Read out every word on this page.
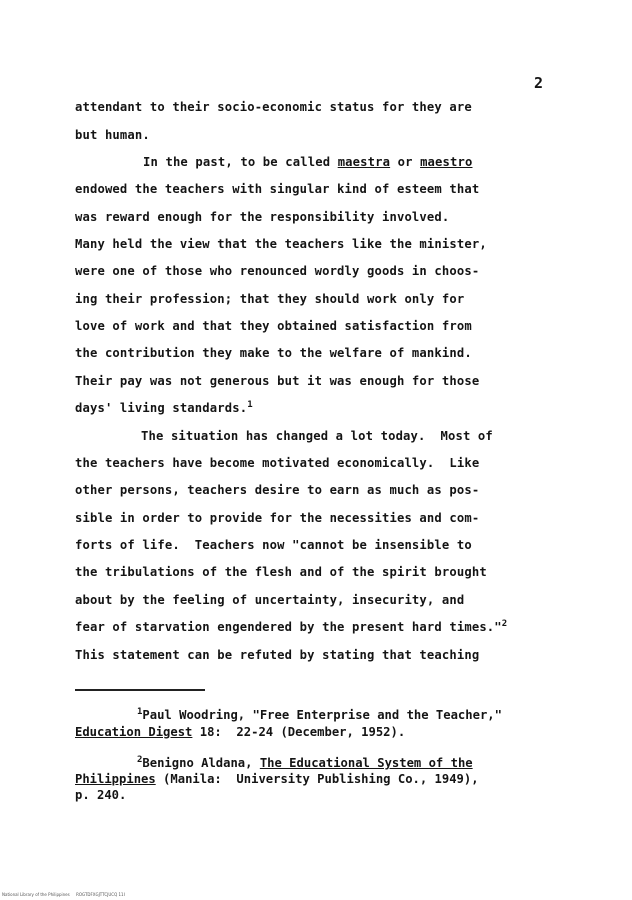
2
attendant to their socio-economic status for they are
but human.
In the past, to be called maestra or maestro
endowed the teachers with singular kind of esteem that
was reward enough for the responsibility involved.
Many held the view that the teachers like the minister,
were one of those who renounced wordly goods in choos-
ing their profession; that they should work only for
love of work and that they obtained satisfaction from
the contribution they make to the welfare of mankind.
Their pay was not generous but it was enough for those
days' living standards.$^1$
The situation has changed a lot today.  Most of
the teachers have become motivated economically.  Like
other persons, teachers desire to earn as much as pos-
sible in order to provide for the necessities and com-
forts of life.  Teachers now "cannot be insensible to
the tribulations of the flesh and of the spirit brought
about by the feeling of uncertainty, insecurity, and
fear of starvation engendered by the present hard times."$^2$
This statement can be refuted by stating that teaching

$^1$Paul Woodring, "Free Enterprise and the Teacher,"

Education Digest 18:  22-24 (December, 1952).

$^2$Benigno Aldana, The Educational System of the

Philippines (Manila:  University Publishing Co., 1949),

p. 240.

National Library of the Philippines     ROGTDFXGJTTCJUCQ 11I
